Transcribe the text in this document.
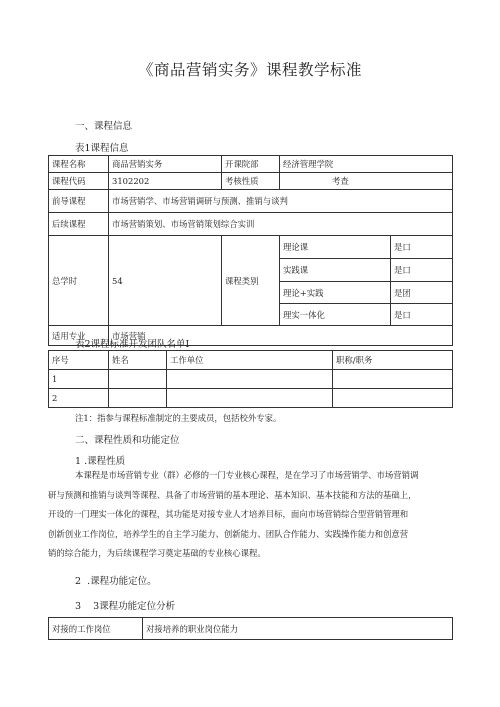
《商品营销实务》课程教学标准
一、课程信息
表1课程信息
课程名称	商品营销实务	开课院部	经济管理学院	
课程代码	3102202	考核性质	考查	
前导课程	市场营销学、市场营销调研与预测、推销与谈判			
后续课程	市场营销策划、市场营销策划综合实训			
总学时	54	课程类别	理论课	是口
			实践课	是口
			理论+实践	是团
			理实一体化	是口
适用专业	市场营销			
表2课程标准开发团队名单I
序号	姓名	工作单位	职称/职务
1			
2			
注1：指参与课程标准制定的主要成员，包括校外专家。
二、课程性质和功能定位
1 .课程性质
本课程是市场营销专业（群）必修的一门专业核心课程，是在学习了市场营销学、市场营销调
研与预测和推销与谈判等课程、具备了市场营销的基本理论、基本知识、基本技能和方法的基础上，
开设的一门理实一体化的课程，其功能是对接专业人才培养目标，面向市场营销综合型营销管理和
创新创业工作岗位，培养学生的自主学习能力、创新能力、团队合作能力、实践操作能力和创意营
销的综合能力，为后续课程学习奠定基础的专业核心课程。
2  .课程功能定位。
3    3课程功能定位分析
对接的工作岗位	对接培养的职业岗位能力
